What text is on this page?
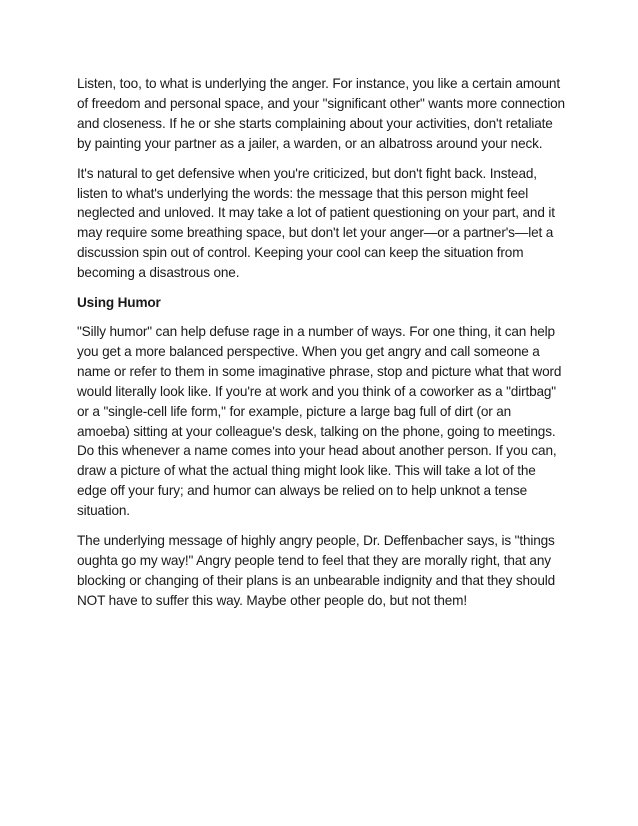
Listen, too, to what is underlying the anger. For instance, you like a certain amount of freedom and personal space, and your "significant other" wants more connection and closeness. If he or she starts complaining about your activities, don't retaliate by painting your partner as a jailer, a warden, or an albatross around your neck.

It's natural to get defensive when you're criticized, but don't fight back. Instead, listen to what's underlying the words: the message that this person might feel neglected and unloved. It may take a lot of patient questioning on your part, and it may require some breathing space, but don't let your anger—or a partner's—let a discussion spin out of control. Keeping your cool can keep the situation from becoming a disastrous one.

Using Humor

"Silly humor" can help defuse rage in a number of ways. For one thing, it can help you get a more balanced perspective. When you get angry and call someone a name or refer to them in some imaginative phrase, stop and picture what that word would literally look like. If you're at work and you think of a coworker as a "dirtbag" or a "single-cell life form," for example, picture a large bag full of dirt (or an amoeba) sitting at your colleague's desk, talking on the phone, going to meetings. Do this whenever a name comes into your head about another person. If you can, draw a picture of what the actual thing might look like. This will take a lot of the edge off your fury; and humor can always be relied on to help unknot a tense situation.

The underlying message of highly angry people, Dr. Deffenbacher says, is "things oughta go my way!" Angry people tend to feel that they are morally right, that any blocking or changing of their plans is an unbearable indignity and that they should NOT have to suffer this way. Maybe other people do, but not them!
